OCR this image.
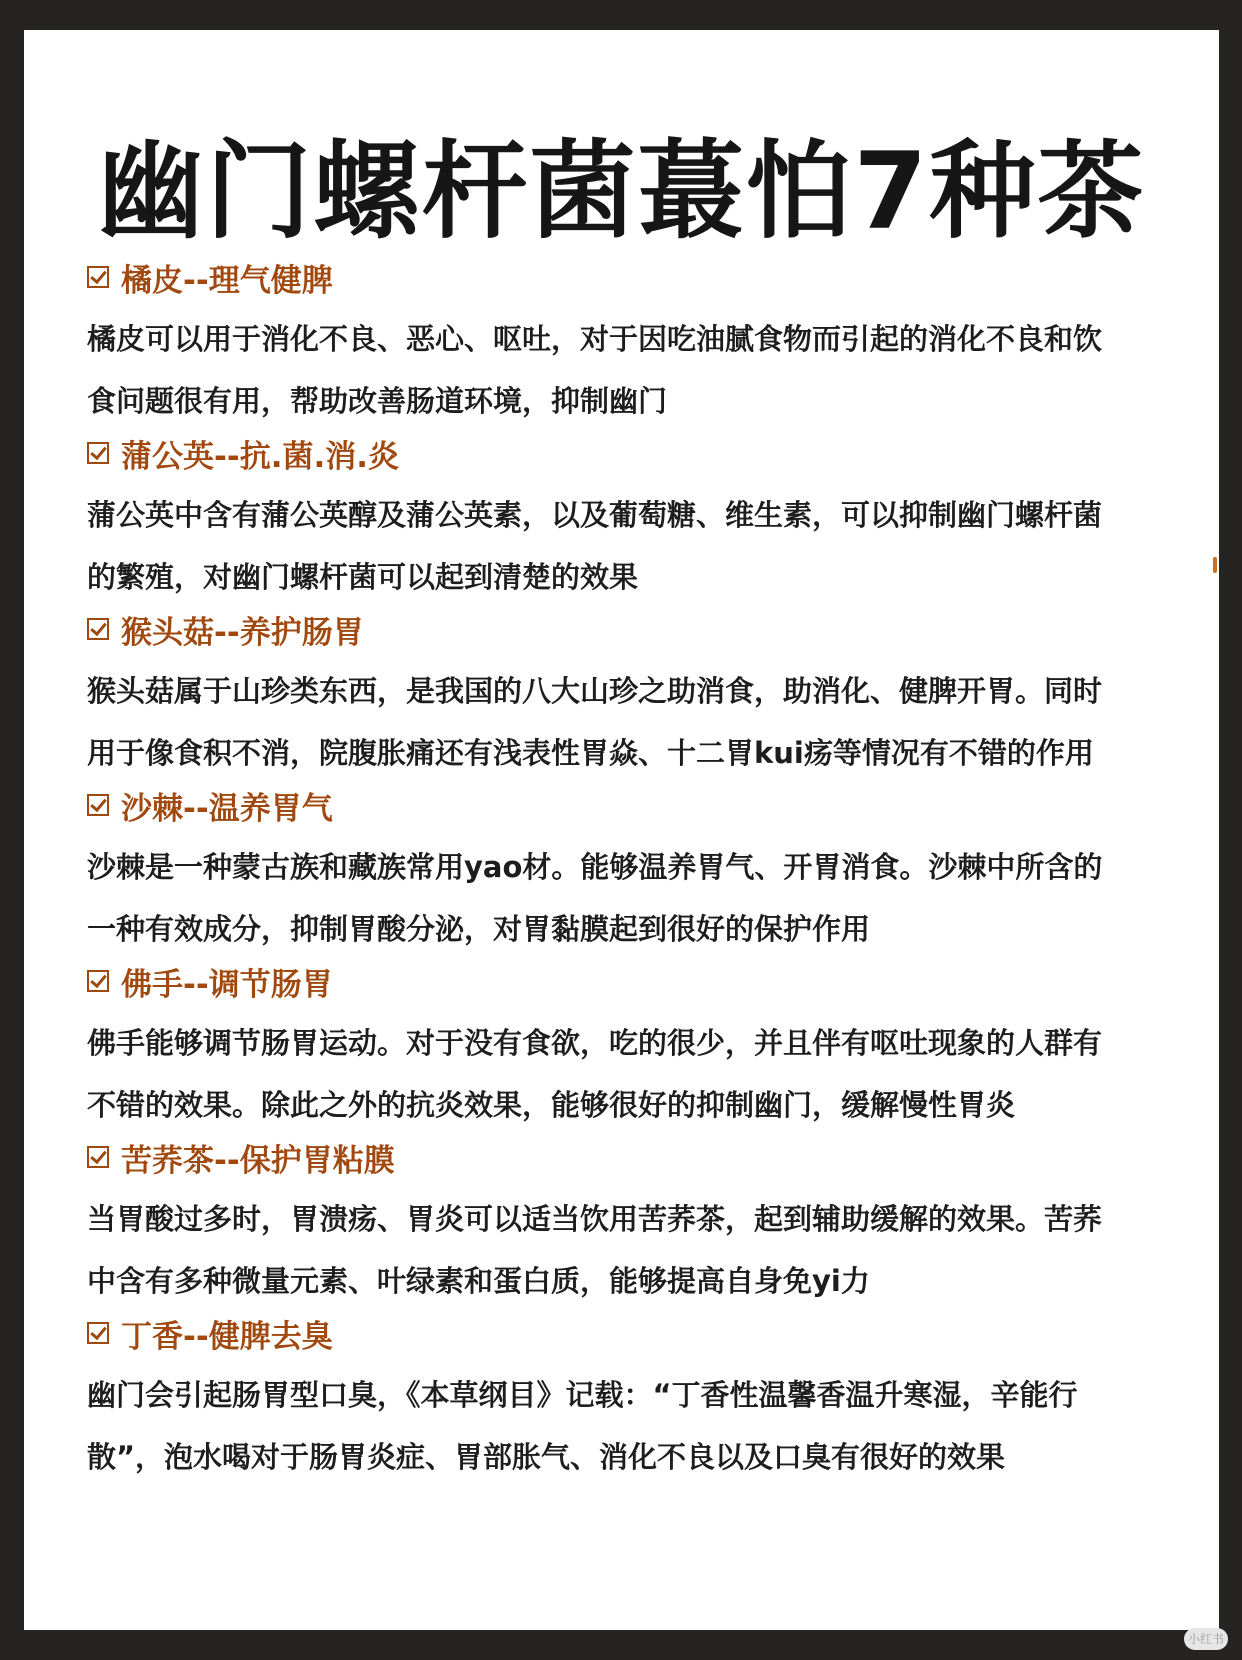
幽门螺杆菌蕞怕7种茶
橘皮--理气健脾
橘皮可以用于消化不良、恶心、呕吐，对于因吃油腻食物而引起的消化不良和饮
食问题很有用，帮助改善肠道环境，抑制幽门
蒲公英--抗.菌.消.炎
蒲公英中含有蒲公英醇及蒲公英素，以及葡萄糖、维生素，可以抑制幽门螺杆菌
的繁殖，对幽门螺杆菌可以起到清楚的效果
猴头菇--养护肠胃
猴头菇属于山珍类东西，是我国的八大山珍之助消食，助消化、健脾开胃。同时
用于像食积不消，院腹胀痛还有浅表性胃焱、十二胃kui疡等情况有不错的作用
沙棘--温养胃气
沙棘是一种蒙古族和藏族常用yao材。能够温养胃气、开胃消食。沙棘中所含的
一种有效成分，抑制胃酸分泌，对胃黏膜起到很好的保护作用
佛手--调节肠胃
佛手能够调节肠胃运动。对于没有食欲，吃的很少，并且伴有呕吐现象的人群有
不错的效果。除此之外的抗炎效果，能够很好的抑制幽门，缓解慢性胃炎
苦荞茶--保护胃粘膜
当胃酸过多时，胃溃疡、胃炎可以适当饮用苦荞茶，起到辅助缓解的效果。苦荞
中含有多种微量元素、叶绿素和蛋白质，能够提高自身免yi力
丁香--健脾去臭
幽门会引起肠胃型口臭，《本草纲目》记载：“丁香性温馨香温升寒湿，辛能行
散”，泡水喝对于肠胃炎症、胃部胀气、消化不良以及口臭有很好的效果
小红书
